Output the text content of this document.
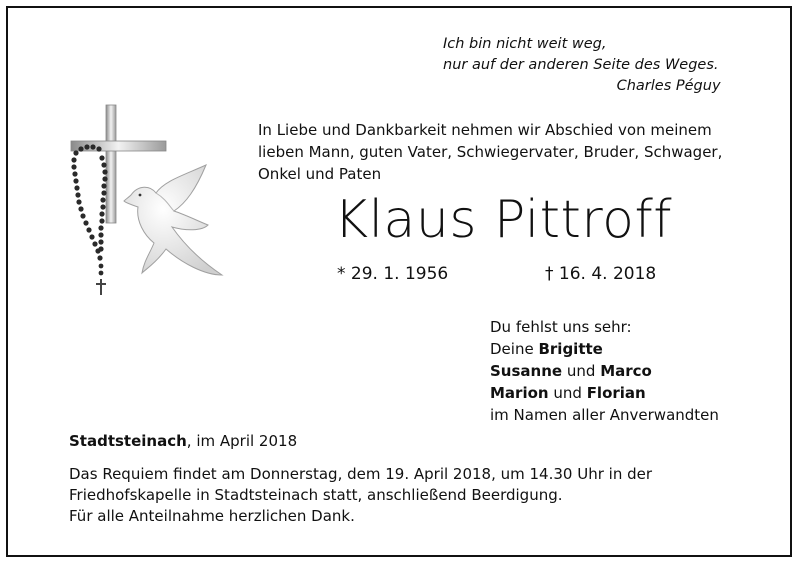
Ich bin nicht weit weg,
nur auf der anderen Seite des Weges.
Charles Péguy
In Liebe und Dankbarkeit nehmen wir Abschied von meinem
lieben Mann, guten Vater, Schwiegervater, Bruder, Schwager,
Onkel und Paten
Klaus Pittroff
* 29. 1. 1956	† 16. 4. 2018
Du fehlst uns sehr:
Deine Brigitte
Susanne und Marco
Marion und Florian
im Namen aller Anverwandten
Stadtsteinach, im April 2018
Das Requiem findet am Donnerstag, dem 19. April 2018, um 14.30 Uhr in der
Friedhofskapelle in Stadtsteinach statt, anschließend Beerdigung.
Für alle Anteilnahme herzlichen Dank.
